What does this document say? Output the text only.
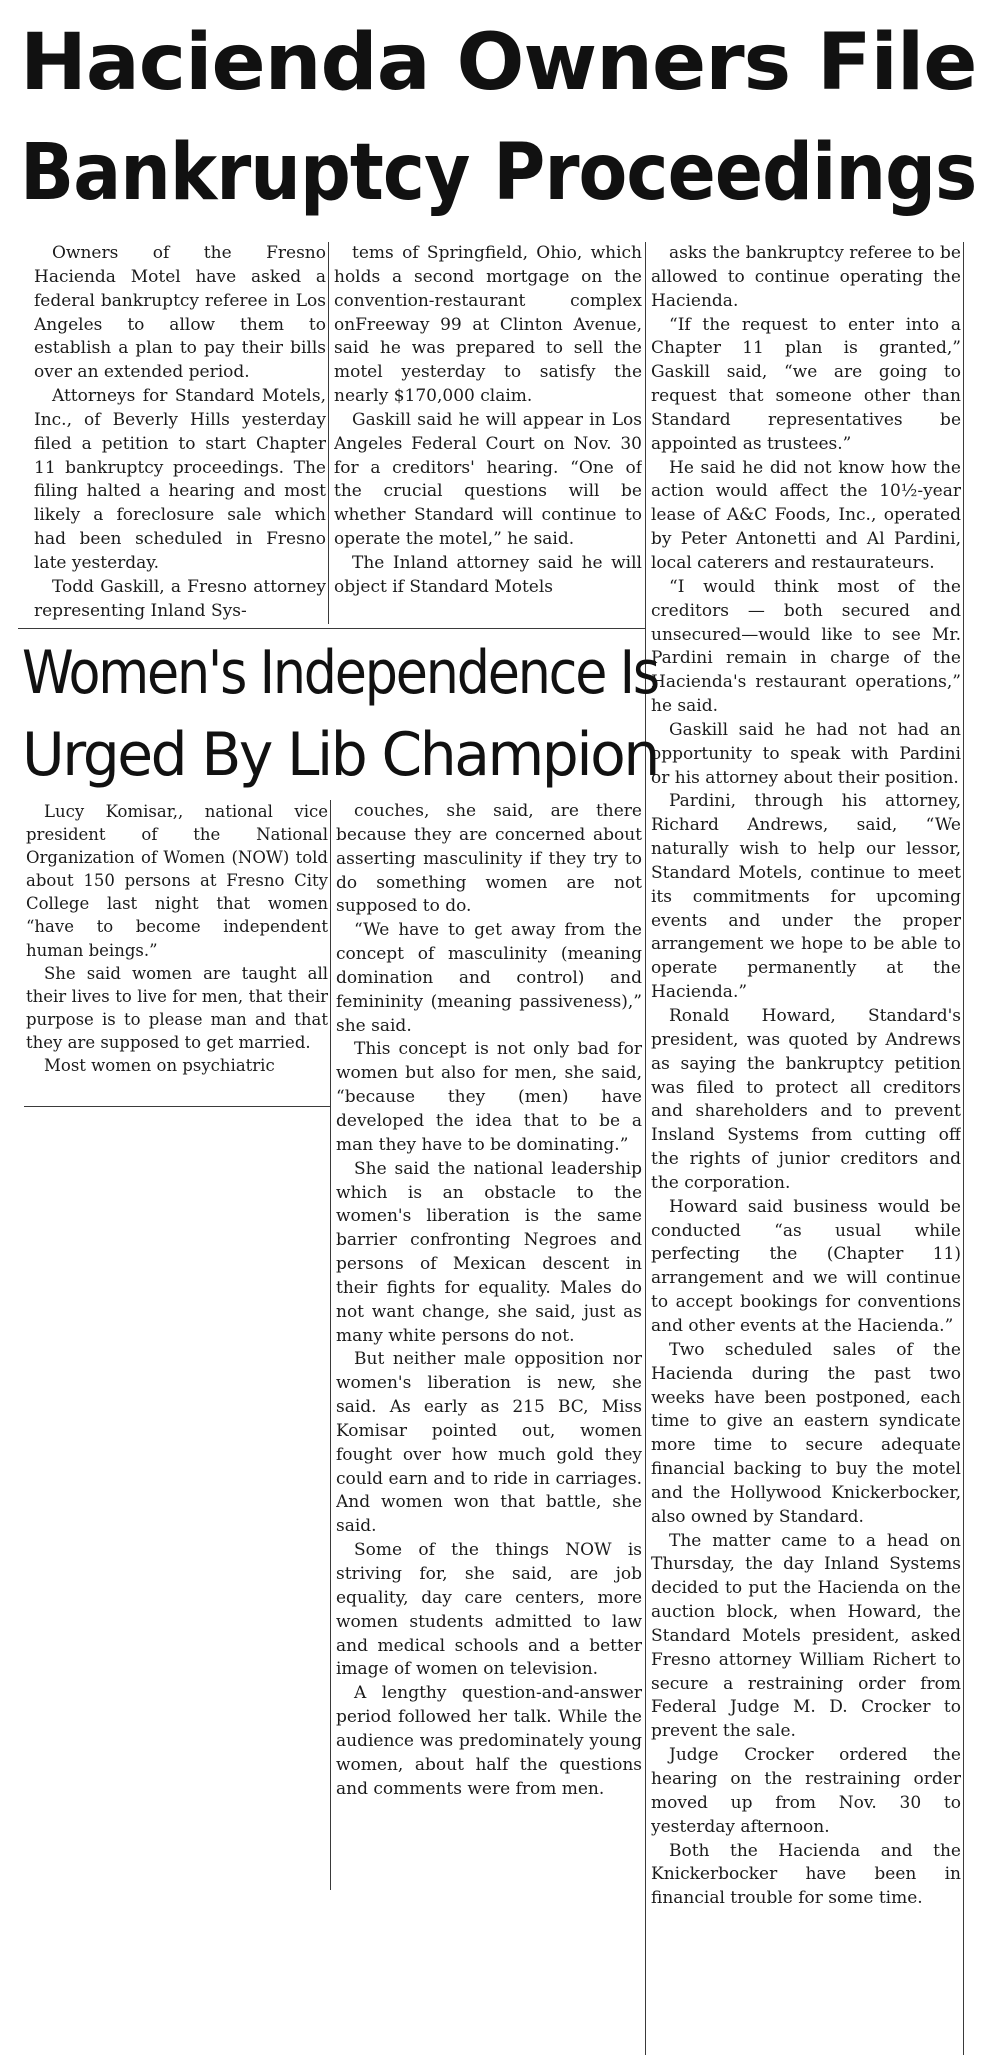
Hacienda Owners File
Bankruptcy Proceedings

Owners of the Fresno Hacienda Motel have asked a federal bankruptcy referee in Los Angeles to allow them to establish a plan to pay their bills over an extended period.

Attorneys for Standard Motels, Inc., of Beverly Hills yesterday filed a petition to start Chapter 11 bankruptcy proceedings. The filing halted a hearing and most likely a foreclosure sale which had been scheduled in Fresno late yesterday.

Todd Gaskill, a Fresno attorney representing Inland Sys-

tems of Springfield, Ohio, which holds a second mortgage on the convention-restaurant complex onFreeway 99 at Clinton Avenue, said he was prepared to sell the motel yesterday to satisfy the nearly $170,000 claim.

Gaskill said he will appear in Los Angeles Federal Court on Nov. 30 for a creditors' hearing. “One of the crucial questions will be whether Standard will continue to operate the motel,” he said.

The Inland attorney said he will object if Standard Motels

asks the bankruptcy referee to be allowed to continue operating the Hacienda.

“If the request to enter into a Chapter 11 plan is granted,” Gaskill said, “we are going to request that someone other than Standard representatives be appointed as trustees.”

He said he did not know how the action would affect the 10½-year lease of A&C Foods, Inc., operated by Peter Antonetti and Al Pardini, local caterers and restaurateurs.

“I would think most of the creditors — both secured and unsecured—would like to see Mr. Pardini remain in charge of the Hacienda's restaurant operations,” he said.

Gaskill said he had not had an opportunity to speak with Pardini or his attorney about their position.

Pardini, through his attorney, Richard Andrews, said, “We naturally wish to help our lessor, Standard Motels, continue to meet its commitments for upcoming events and under the proper arrangement we hope to be able to operate permanently at the Hacienda.”

Ronald Howard, Standard's president, was quoted by Andrews as saying the bankruptcy petition was filed to protect all creditors and shareholders and to prevent Insland Systems from cutting off the rights of junior creditors and the corporation.

Howard said business would be conducted “as usual while perfecting the (Chapter 11) arrangement and we will continue to accept bookings for conventions and other events at the Hacienda.”

Two scheduled sales of the Hacienda during the past two weeks have been postponed, each time to give an eastern syndicate more time to secure adequate financial backing to buy the motel and the Hollywood Knickerbocker, also owned by Standard.

The matter came to a head on Thursday, the day Inland Systems decided to put the Hacienda on the auction block, when Howard, the Standard Motels president, asked Fresno attorney William Richert to secure a restraining order from Federal Judge M. D. Crocker to prevent the sale.

Judge Crocker ordered the hearing on the restraining order moved up from Nov. 30 to yesterday afternoon.

Both the Hacienda and the Knickerbocker have been in financial trouble for some time.

Women's Independence Is
Urged By Lib Champion

Lucy Komisar,, national vice president of the National Organization of Women (NOW) told about 150 persons at Fresno City College last night that women “have to become independent human beings.”

She said women are taught all their lives to live for men, that their purpose is to please man and that they are supposed to get married.

Most women on psychiatric

couches, she said, are there because they are concerned about asserting masculinity if they try to do something women are not supposed to do.

“We have to get away from the concept of masculinity (meaning domination and control) and femininity (meaning passiveness),” she said.

This concept is not only bad for women but also for men, she said, “because they (men) have developed the idea that to be a man they have to be dominating.”

She said the national leadership which is an obstacle to the women's liberation is the same barrier confronting Negroes and persons of Mexican descent in their fights for equality. Males do not want change, she said, just as many white persons do not.

But neither male opposition nor women's liberation is new, she said. As early as 215 BC, Miss Komisar pointed out, women fought over how much gold they could earn and to ride in carriages. And women won that battle, she said.

Some of the things NOW is striving for, she said, are job equality, day care centers, more women students admitted to law and medical schools and a better image of women on television.

A lengthy question-and-answer period followed her talk. While the audience was predominately young women, about half the questions and comments were from men.
